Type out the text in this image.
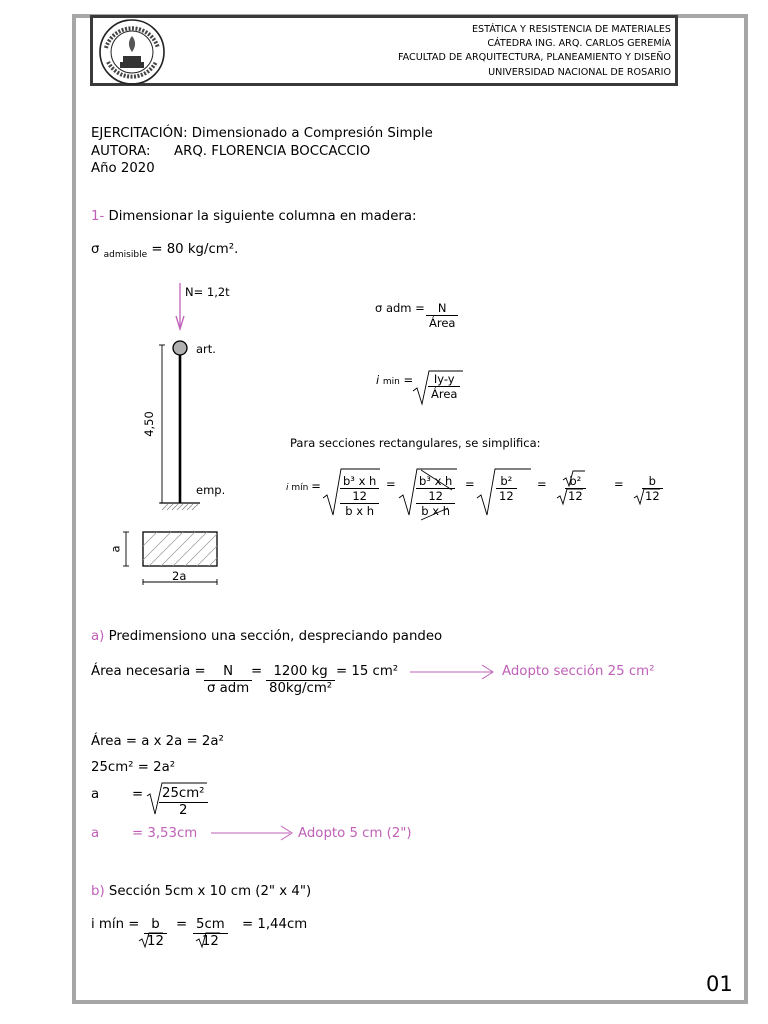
ESTÁTICA Y RESISTENCIA DE MATERIALES
CÁTEDRA ING. ARQ. CARLOS GEREMÍA
FACULTAD DE ARQUITECTURA, PLANEAMIENTO Y DISEÑO
UNIVERSIDAD NACIONAL DE ROSARIO
EJERCITACIÓN: Dimensionado a Compresión Simple
AUTORA: ARQ. FLORENCIA BOCCACCIO
Año 2020
1- Dimensionar la siguiente columna en madera:
σ $_{admisible}$ = 80 kg/cm².
N= 1,2t
art.
emp.
4,50
a
2a
σ adm =	N
Área
i min =	Iy-y
Área
Para secciones rectangulares, se simplifica:
i mín = b³ x h
12
b x h
= b³ x h
12
b x h
= $\frac{\text{b²}}{12} = \frac{\text{b²}}{12} = \frac{b}{12}$
a) Predimensiono una sección, despreciando pandeo
Área necesaria =	N
σ adm
= $\frac{1200 kg}{\text{80kg/cm²}} = 15$ cm²	Adopto sección 25 cm²
Área = a x 2a = 2a²
25cm² = 2a²
$a = \frac{\text{25cm²}}{2}$
a = 3,53cm	Adopto 5 cm (2")
b) Sección 5cm x 10 cm (2" x 4")
i mín = $\frac{b}{12} = \frac{5cm}{12} = 1,44cm$
01
